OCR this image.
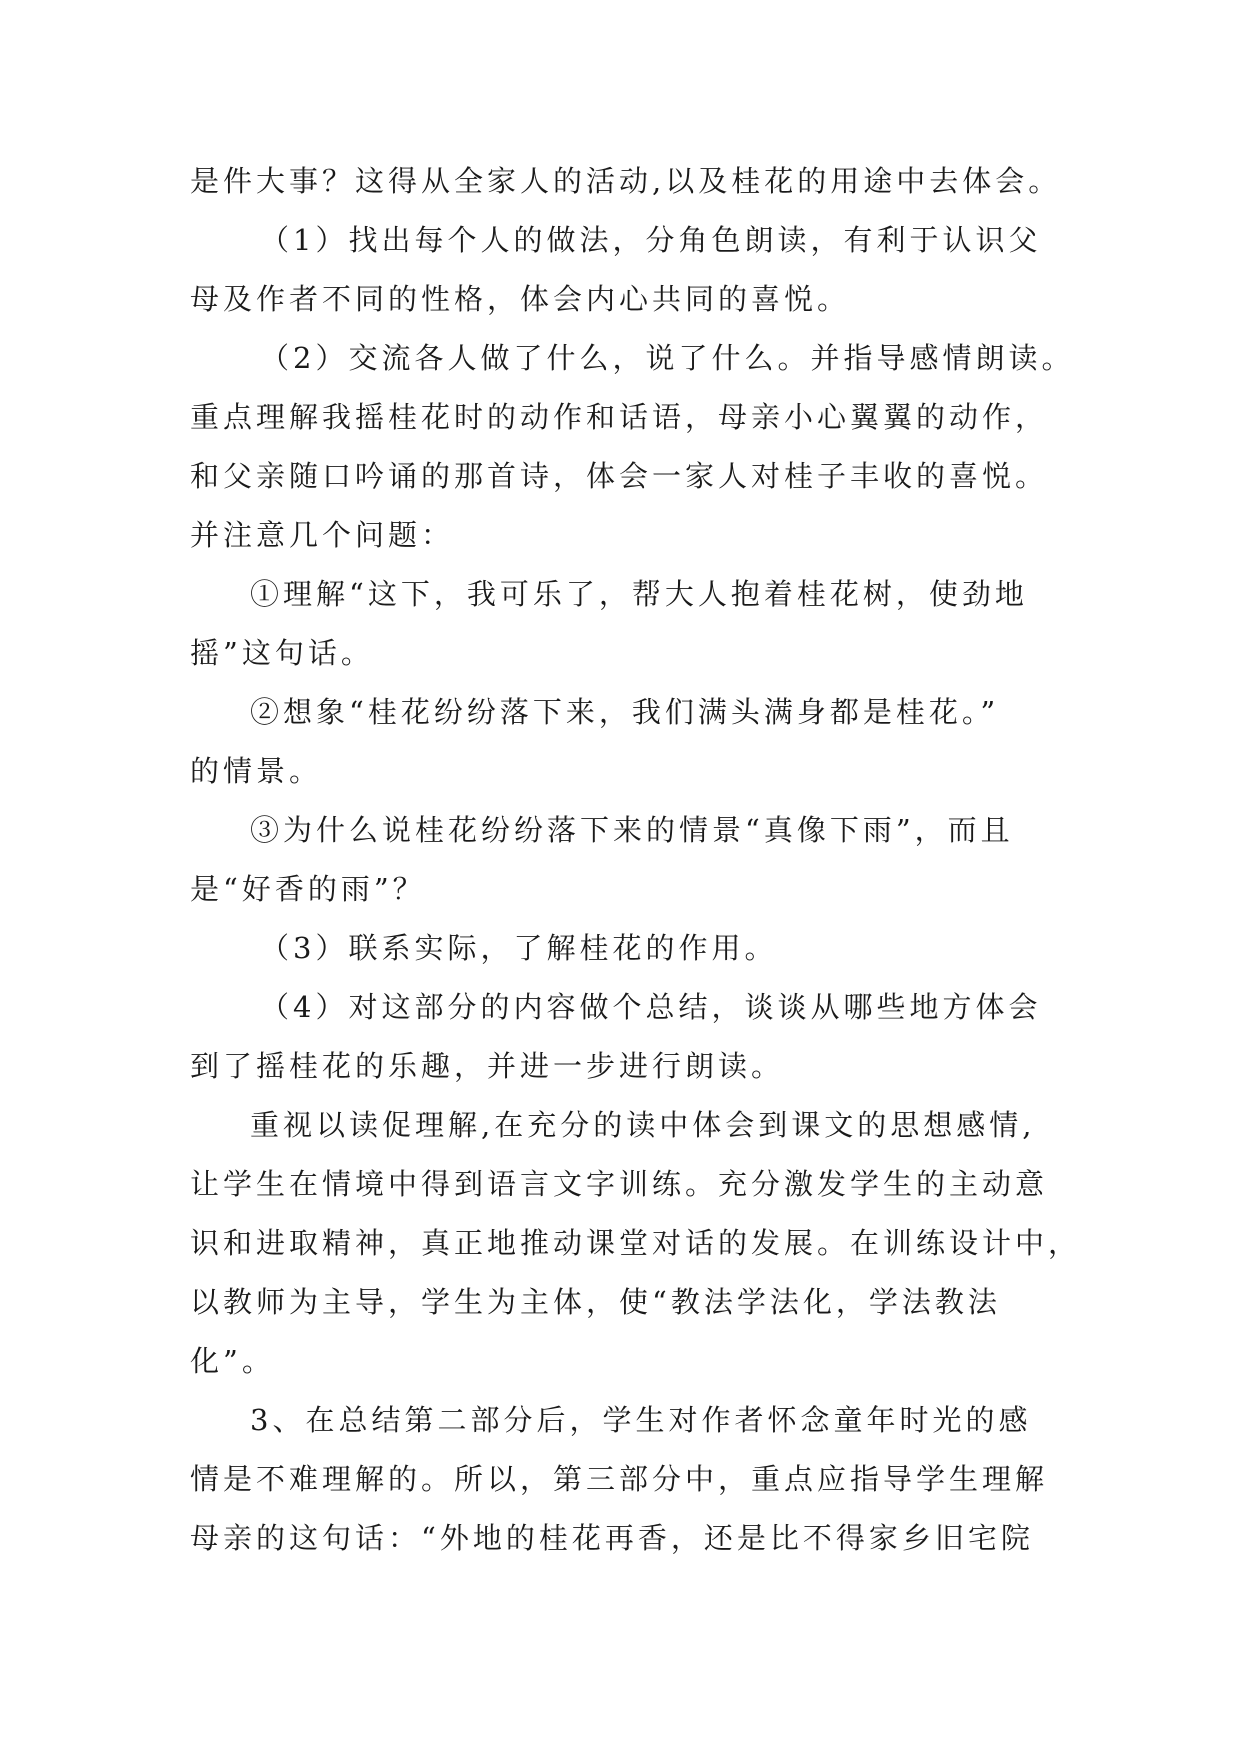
是件大事？这得从全家人的活动,以及桂花的用途中去体会。
（1）找出每个人的做法，分角色朗读，有利于认识父
母及作者不同的性格，体会内心共同的喜悦。
（2）交流各人做了什么，说了什么。并指导感情朗读。
重点理解我摇桂花时的动作和话语，母亲小心翼翼的动作，
和父亲随口吟诵的那首诗，体会一家人对桂子丰收的喜悦。
并注意几个问题：
①理解“这下，我可乐了，帮大人抱着桂花树，使劲地
摇”这句话。
②想象“桂花纷纷落下来，我们满头满身都是桂花。”
的情景。
③为什么说桂花纷纷落下来的情景“真像下雨”，而且
是“好香的雨”？
（3）联系实际，了解桂花的作用。
（4）对这部分的内容做个总结，谈谈从哪些地方体会
到了摇桂花的乐趣，并进一步进行朗读。
重视以读促理解,在充分的读中体会到课文的思想感情,
让学生在情境中得到语言文字训练。充分激发学生的主动意
识和进取精神，真正地推动课堂对话的发展。在训练设计中，
以教师为主导，学生为主体，使“教法学法化，学法教法
化”。
3、在总结第二部分后，学生对作者怀念童年时光的感
情是不难理解的。所以，第三部分中，重点应指导学生理解
母亲的这句话：“外地的桂花再香，还是比不得家乡旧宅院
